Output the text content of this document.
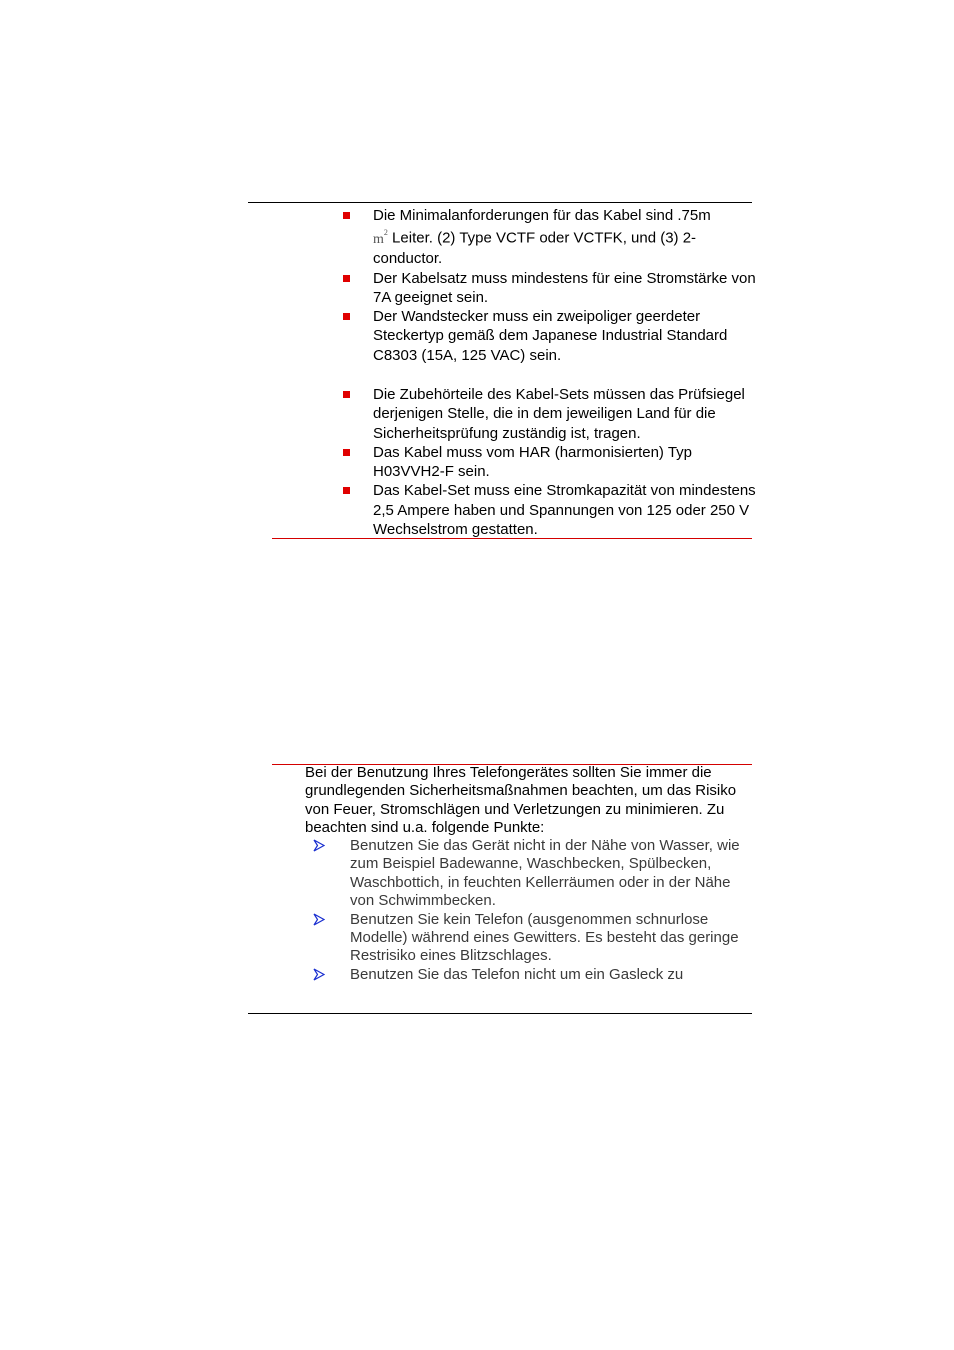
Die Minimalanforderungen für das Kabel sind .75m
$m^2$ Leiter. (2) Type VCTF oder VCTFK, und (3) 2-conductor.
Der Kabelsatz muss mindestens für eine Stromstärke von 7A geeignet sein.
Der Wandstecker muss ein zweipoliger geerdeter Steckertyp gemäß dem Japanese Industrial Standard C8303 (15A, 125 VAC) sein.
Die Zubehörteile des Kabel-Sets müssen das Prüfsiegel derjenigen Stelle, die in dem jeweiligen Land für die Sicherheitsprüfung zuständig ist, tragen.
Das Kabel muss vom HAR (harmonisierten) Typ H03VVH2-F sein.
Das Kabel-Set muss eine Stromkapazität von mindestens 2,5 Ampere haben und Spannungen von 125 oder 250 V Wechselstrom gestatten.

Bei der Benutzung Ihres Telefongerätes sollten Sie immer die grundlegenden Sicherheitsmaßnahmen beachten, um das Risiko von Feuer, Stromschlägen und Verletzungen zu minimieren. Zu beachten sind u.a. folgende Punkte:

Benutzen Sie das Gerät nicht in der Nähe von Wasser, wie zum Beispiel Badewanne, Waschbecken, Spülbecken, Waschbottich, in feuchten Kellerräumen oder in der Nähe von Schwimmbecken.
Benutzen Sie kein Telefon (ausgenommen schnurlose Modelle) während eines Gewitters. Es besteht das geringe Restrisiko eines Blitzschlages.
Benutzen Sie das Telefon nicht um ein Gasleck zu
